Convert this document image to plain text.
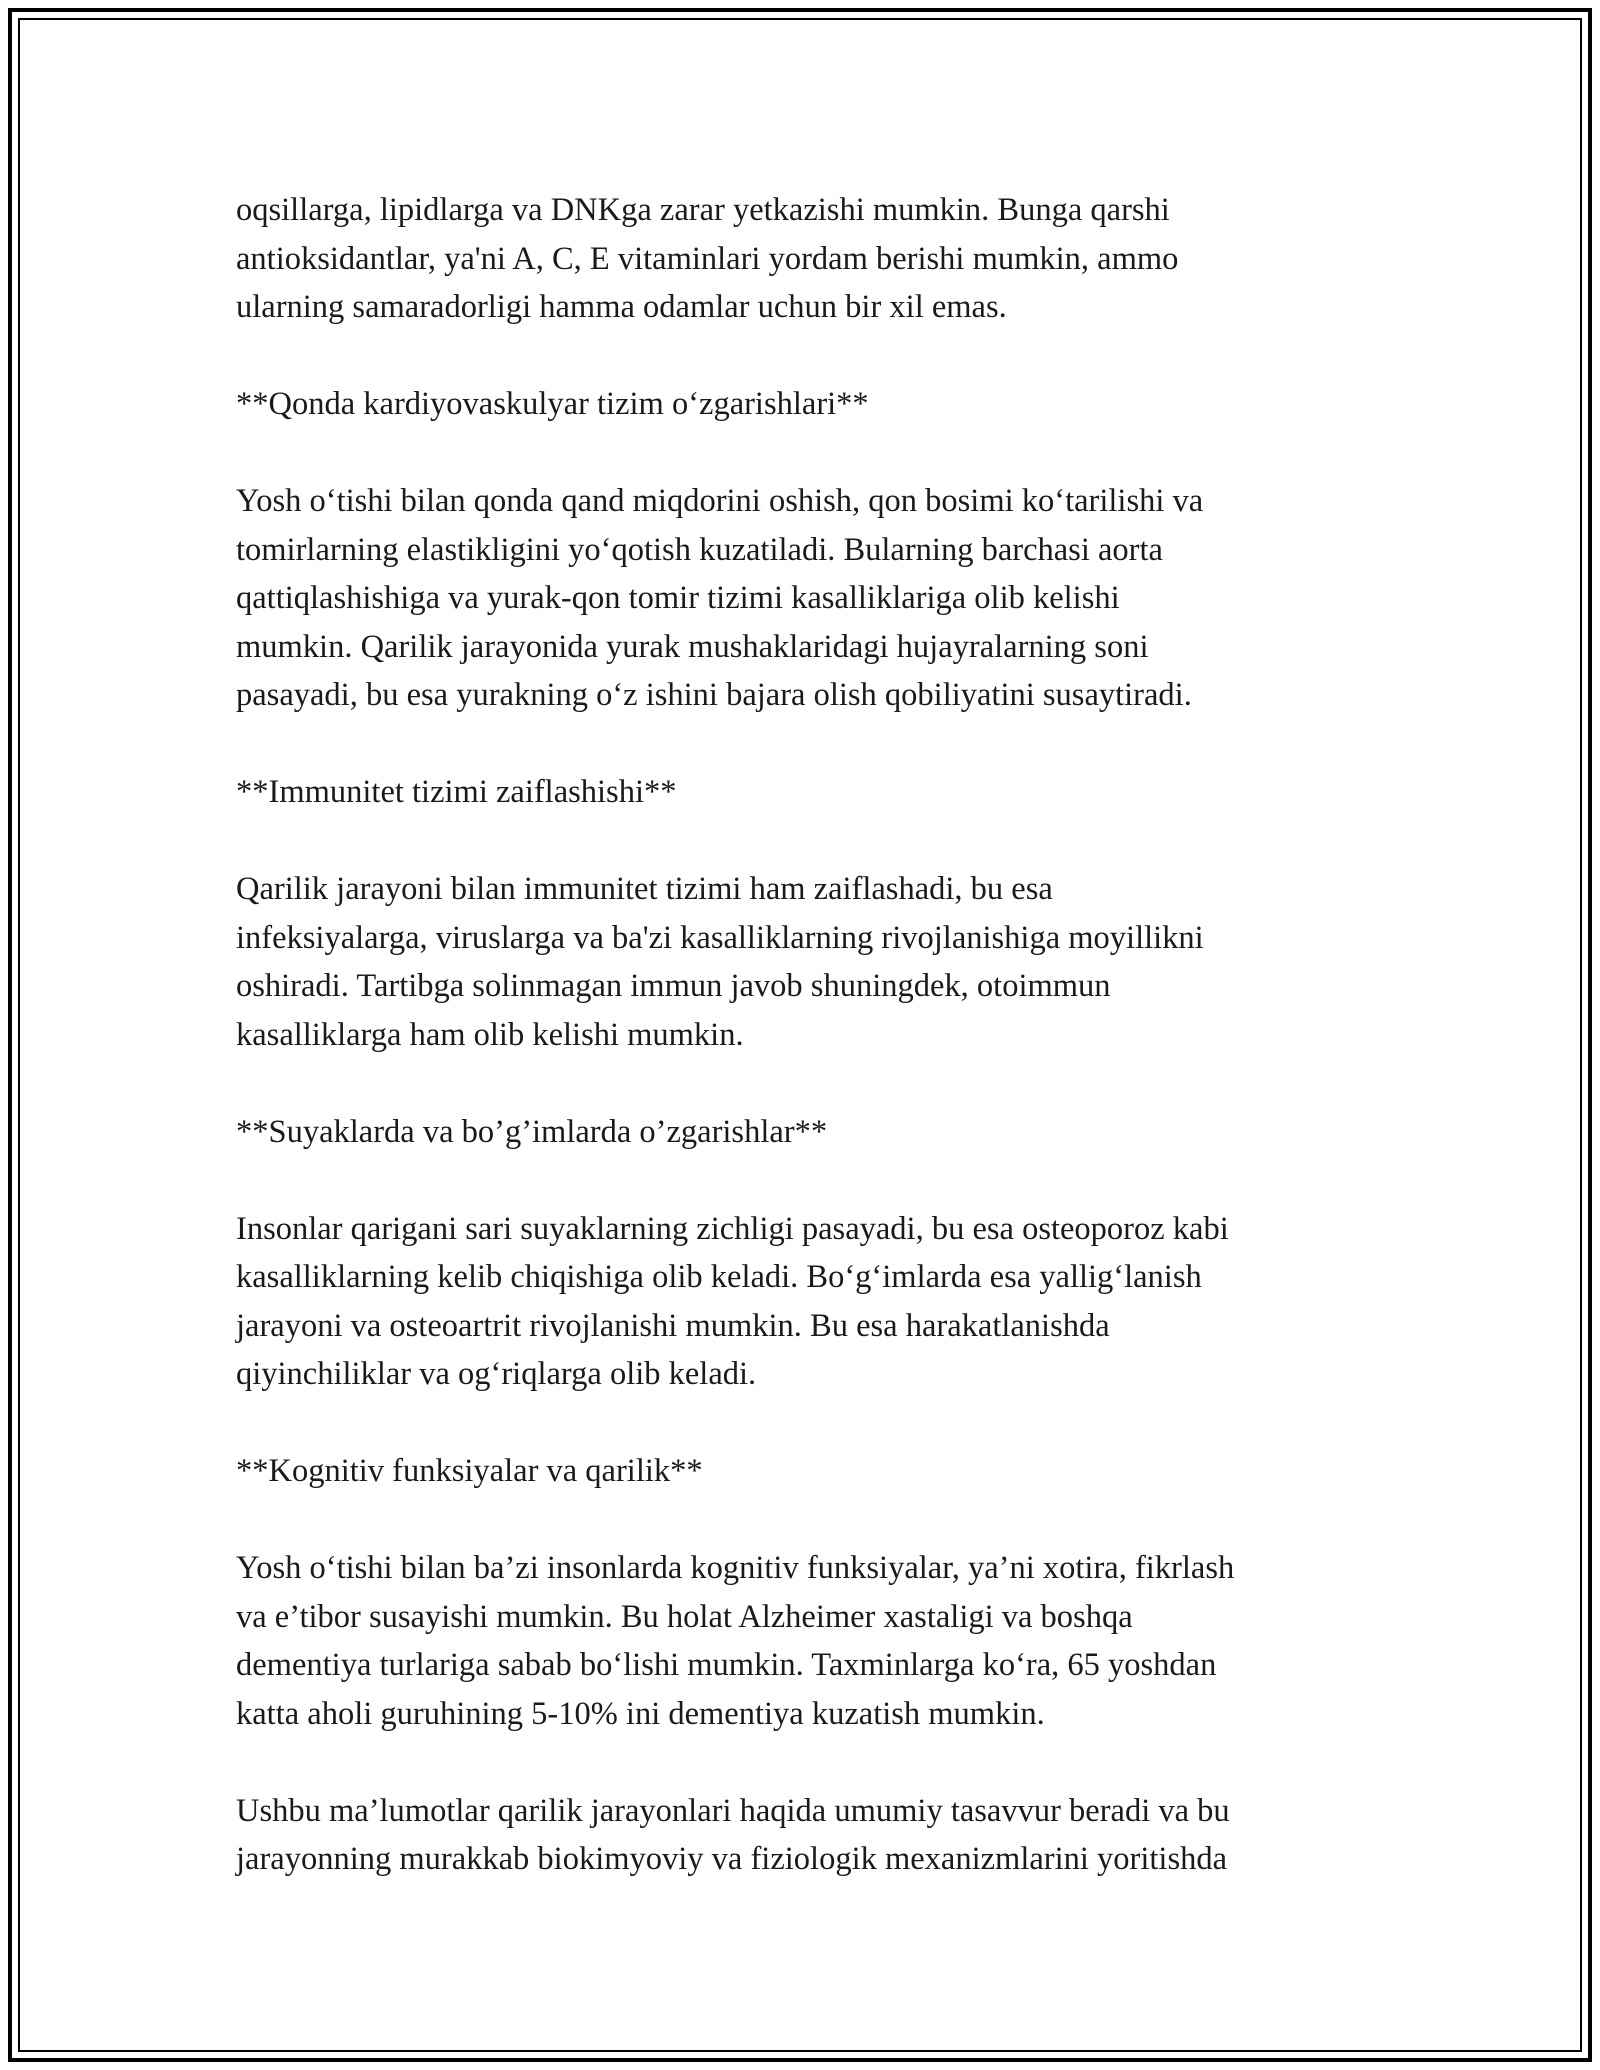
oqsillarga, lipidlarga va DNKga zarar yetkazishi mumkin. Bunga qarshi
antioksidantlar, ya'ni A, C, E vitaminlari yordam berishi mumkin, ammo
ularning samaradorligi hamma odamlar uchun bir xil emas.

**Qonda kardiyovaskulyar tizim o‘zgarishlari**

Yosh o‘tishi bilan qonda qand miqdorini oshish, qon bosimi ko‘tarilishi va
tomirlarning elastikligini yo‘qotish kuzatiladi. Bularning barchasi aorta
qattiqlashishiga va yurak-qon tomir tizimi kasalliklariga olib kelishi
mumkin. Qarilik jarayonida yurak mushaklaridagi hujayralarning soni
pasayadi, bu esa yurakning o‘z ishini bajara olish qobiliyatini susaytiradi.

**Immunitet tizimi zaiflashishi**

Qarilik jarayoni bilan immunitet tizimi ham zaiflashadi, bu esa
infeksiyalarga, viruslarga va ba'zi kasalliklarning rivojlanishiga moyillikni
oshiradi. Tartibga solinmagan immun javob shuningdek, otoimmun
kasalliklarga ham olib kelishi mumkin.

**Suyaklarda va bo’g’imlarda o’zgarishlar**

Insonlar qarigani sari suyaklarning zichligi pasayadi, bu esa osteoporoz kabi
kasalliklarning kelib chiqishiga olib keladi. Bo‘g‘imlarda esa yallig‘lanish
jarayoni va osteoartrit rivojlanishi mumkin. Bu esa harakatlanishda
qiyinchiliklar va og‘riqlarga olib keladi.

**Kognitiv funksiyalar va qarilik**

Yosh o‘tishi bilan ba’zi insonlarda kognitiv funksiyalar, ya’ni xotira, fikrlash
va e’tibor susayishi mumkin. Bu holat Alzheimer xastaligi va boshqa
dementiya turlariga sabab bo‘lishi mumkin. Taxminlarga ko‘ra, 65 yoshdan
katta aholi guruhining 5-10% ini dementiya kuzatish mumkin.

Ushbu ma’lumotlar qarilik jarayonlari haqida umumiy tasavvur beradi va bu
jarayonning murakkab biokimyoviy va fiziologik mexanizmlarini yoritishda
